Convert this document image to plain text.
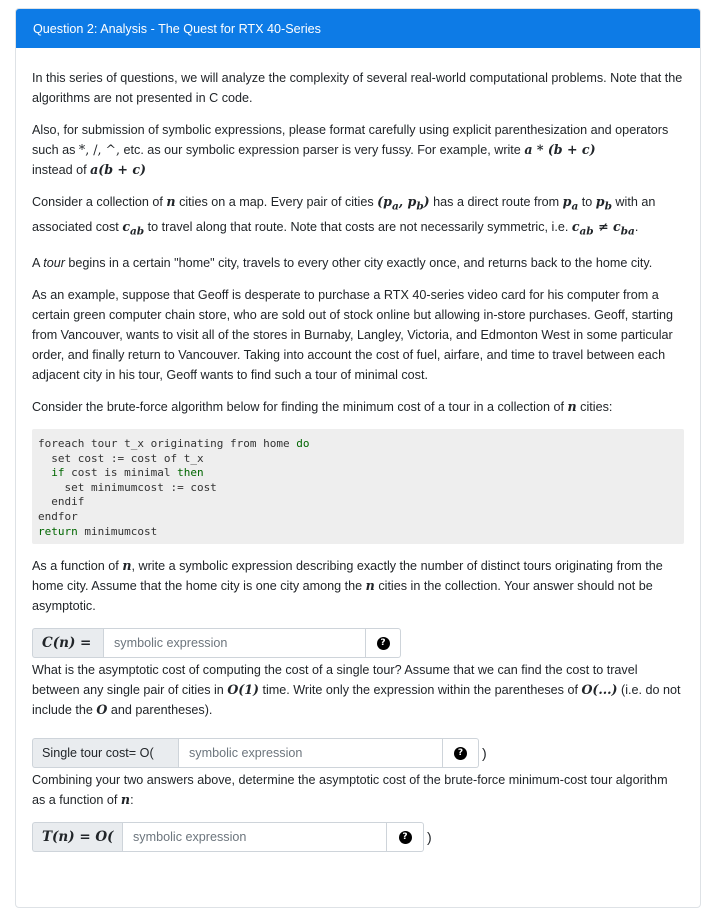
Question 2: Analysis - The Quest for RTX 40-Series

In this series of questions, we will analyze the complexity of several real-world computational problems. Note that the algorithms are not presented in C code.

Also, for submission of symbolic expressions, please format carefully using explicit parenthesization and operators such as *, /, ^, etc. as our symbolic expression parser is very fussy. For example, write a * (b + c)
instead of a(b + c)

Consider a collection of n cities on a map. Every pair of cities ($p_a$, $p_b$) has a direct route from $p_a$ to $p_b$ with an associated cost $c_{ab}$ to travel along that route. Note that costs are not necessarily symmetric, i.e. $c_{ab} \ne c_{ba}$.

A tour begins in a certain "home" city, travels to every other city exactly once, and returns back to the home city.

As an example, suppose that Geoff is desperate to purchase a RTX 40-series video card for his computer from a certain green computer chain store, who are sold out of stock online but allowing in-store purchases. Geoff, starting from Vancouver, wants to visit all of the stores in Burnaby, Langley, Victoria, and Edmonton West in some particular order, and finally return to Vancouver. Taking into account the cost of fuel, airfare, and time to travel between each adjacent city in his tour, Geoff wants to find such a tour of minimal cost.

Consider the brute-force algorithm below for finding the minimum cost of a tour in a collection of n cities:

foreach tour t_x originating from home do
set cost := cost of t_x
if cost is minimal then
set minimumcost := cost
endif
endfor
return minimumcost

As a function of n, write a symbolic expression describing exactly the number of distinct tours originating from the home city. Assume that the home city is one city among the n cities in the collection. Your answer should not be asymptotic.

C(n) =	symbolic expression	?

What is the asymptotic cost of computing the cost of a single tour? Assume that we can find the cost to travel between any single pair of cities in O(1) time. Write only the expression within the parentheses of O(...) (i.e. do not include the O and parentheses).

Single tour cost= O(	symbolic expression	? )

Combining your two answers above, determine the asymptotic cost of the brute-force minimum-cost tour algorithm as a function of n:

T(n) = O(	symbolic expression	? )
